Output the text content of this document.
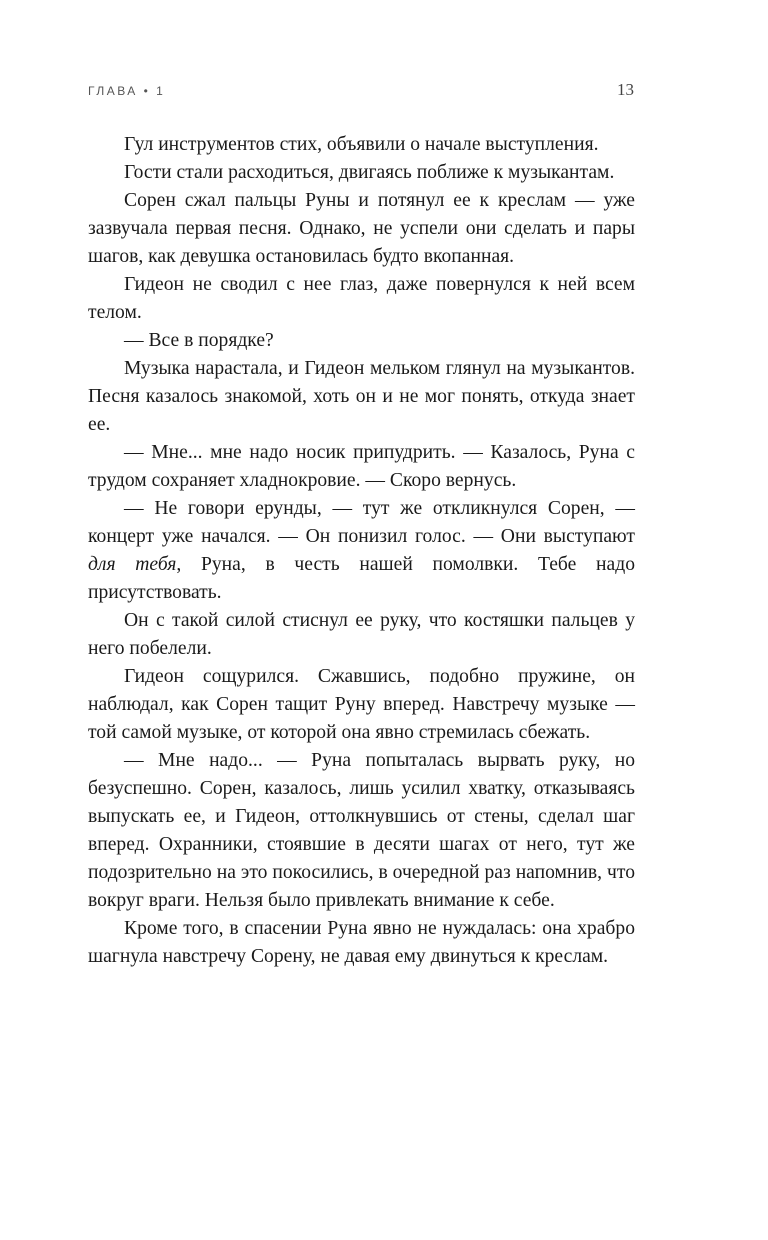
ГЛАВА • 1	13

Гул инструментов стих, объявили о начале выступления.

Гости стали расходиться, двигаясь поближе к музыкантам.

Сорен сжал пальцы Руны и потянул ее к креслам — уже зазвучала первая песня. Однако, не успели они сделать и пары шагов, как девушка остановилась будто вкопанная.

Гидеон не сводил с нее глаз, даже повернулся к ней всем телом.

— Все в порядке?

Музыка нарастала, и Гидеон мельком глянул на музыкантов. Песня казалось знакомой, хоть он и не мог понять, откуда знает ее.

— Мне... мне надо носик припудрить. — Казалось, Руна с трудом сохраняет хладнокровие. — Скоро вернусь.

— Не говори ерунды, — тут же откликнулся Сорен, — концерт уже начался. — Он понизил голос. — Они выступают для тебя, Руна, в честь нашей помолвки. Тебе надо присутствовать.

Он с такой силой стиснул ее руку, что костяшки пальцев у него побелели.

Гидеон сощурился. Сжавшись, подобно пружине, он наблюдал, как Сорен тащит Руну вперед. Навстречу музыке — той самой музыке, от которой она явно стремилась сбежать.

— Мне надо... — Руна попыталась вырвать руку, но безуспешно. Сорен, казалось, лишь усилил хватку, отказываясь выпускать ее, и Гидеон, оттолкнувшись от стены, сделал шаг вперед. Охранники, стоявшие в десяти шагах от него, тут же подозрительно на это покосились, в очередной раз напомнив, что вокруг враги. Нельзя было привлекать внимание к себе.

Кроме того, в спасении Руна явно не нуждалась: она храбро шагнула навстречу Сорену, не давая ему двинуться к креслам.
